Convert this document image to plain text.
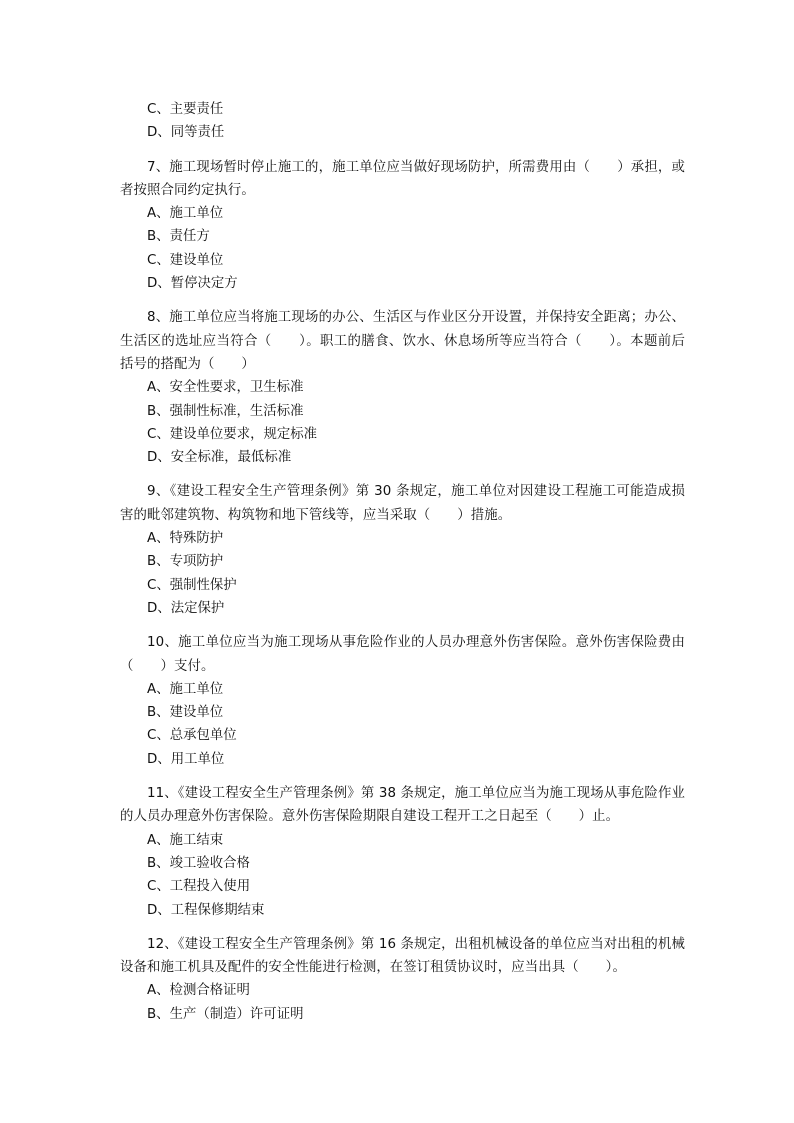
C、主要责任
D、同等责任

7、施工现场暂时停止施工的，施工单位应当做好现场防护，所需费用由（　　）承担，或者按照合同约定执行。

A、施工单位
B、责任方
C、建设单位
D、暂停决定方

8、施工单位应当将施工现场的办公、生活区与作业区分开设置，并保持安全距离；办公、生活区的选址应当符合（　　）。职工的膳食、饮水、休息场所等应当符合（　　）。本题前后括号的搭配为（　　）

A、安全性要求，卫生标准
B、强制性标准，生活标准
C、建设单位要求，规定标准
D、安全标准，最低标准

9、《建设工程安全生产管理条例》第 30 条规定，施工单位对因建设工程施工可能造成损害的毗邻建筑物、构筑物和地下管线等，应当采取（　　）措施。

A、特殊防护
B、专项防护
C、强制性保护
D、法定保护

10、施工单位应当为施工现场从事危险作业的人员办理意外伤害保险。意外伤害保险费由（　　）支付。

A、施工单位
B、建设单位
C、总承包单位
D、用工单位

11、《建设工程安全生产管理条例》第 38 条规定，施工单位应当为施工现场从事危险作业的人员办理意外伤害保险。意外伤害保险期限自建设工程开工之日起至（　　）止。

A、施工结束
B、竣工验收合格
C、工程投入使用
D、工程保修期结束

12、《建设工程安全生产管理条例》第 16 条规定，出租机械设备的单位应当对出租的机械设备和施工机具及配件的安全性能进行检测，在签订租赁协议时，应当出具（　　）。

A、检测合格证明
B、生产（制造）许可证明
